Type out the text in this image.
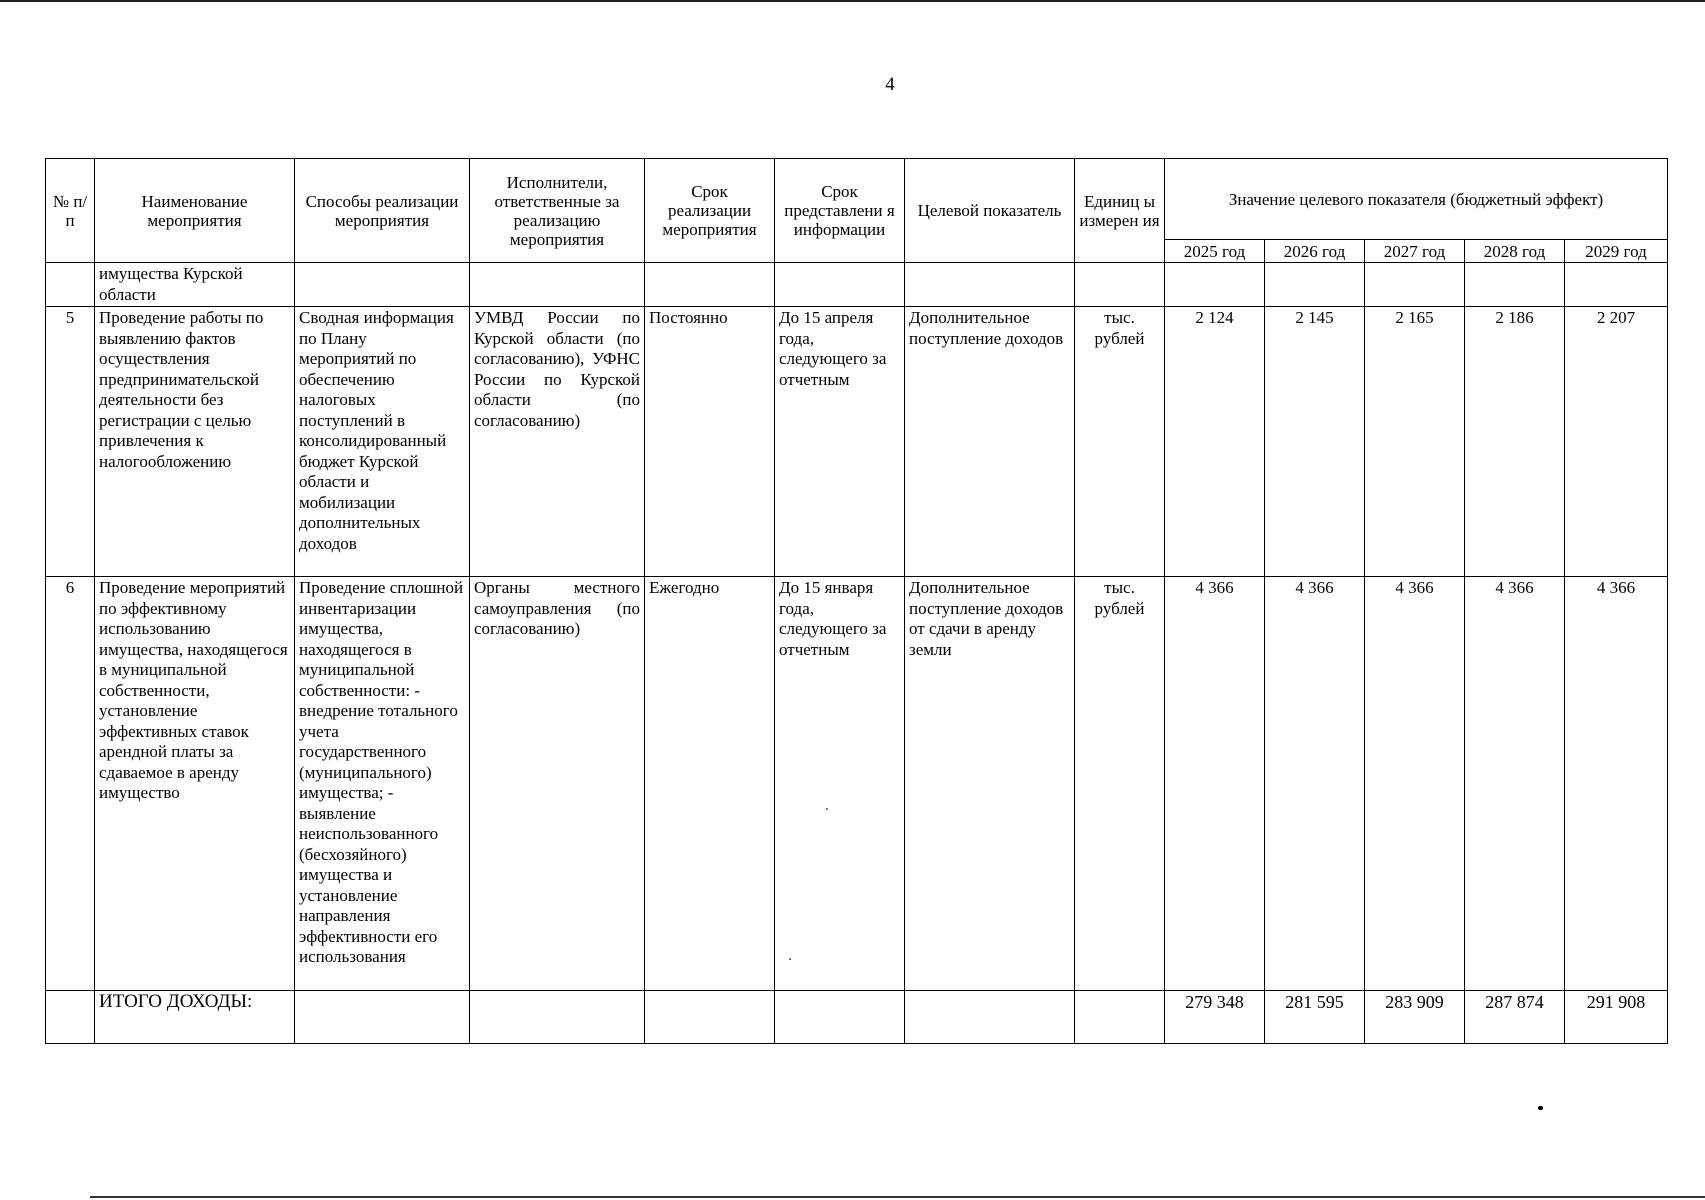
4
№ п/п	Наименование мероприятия	Способы реализации мероприятия	Исполнители, ответственные за реализацию мероприятия	Срок реализации мероприятия	Срок представлени я информации	Целевой показатель	Единиц ы измерен ия	Значение целевого показателя (бюджетный эффект)				
								2025 год	2026 год	2027 год	2028 год	2029 год
	имущества Курской области											
5	Проведение работы по выявлению фактов осуществления предпринимательской деятельности без регистрации с целью привлечения к налогообложению	Сводная информация по Плану мероприятий по обеспечению налоговых поступлений в консолидированный бюджет Курской области и мобилизации дополнительных доходов	УМВД России по Курской области (по согласованию), УФНС России по Курской области (по согласованию)	Постоянно	До 15 апреля года, следующего за отчетным	Дополнительное поступление доходов	тыс. рублей	2 124	2 145	2 165	2 186	2 207
6	Проведение мероприятий по эффективному использованию имущества, находящегося в муниципальной собственности, установление эффективных ставок арендной платы за сдаваемое в аренду имущество	Проведение сплошной инвентаризации имущества, находящегося в муниципальной собственности: - внедрение тотального учета государственного (муниципального) имущества; - выявление неиспользованного (бесхозяйного) имущества и установление направления эффективности его использования	Органы местного самоуправления (по согласованию)	Ежегодно	До 15 января года, следующего за отчетным	Дополнительное поступление доходов от сдачи в аренду земли	тыс. рублей	4 366	4 366	4 366	4 366	4 366
	ИТОГО ДОХОДЫ:							279 348	281 595	283 909	287 874	291 908
